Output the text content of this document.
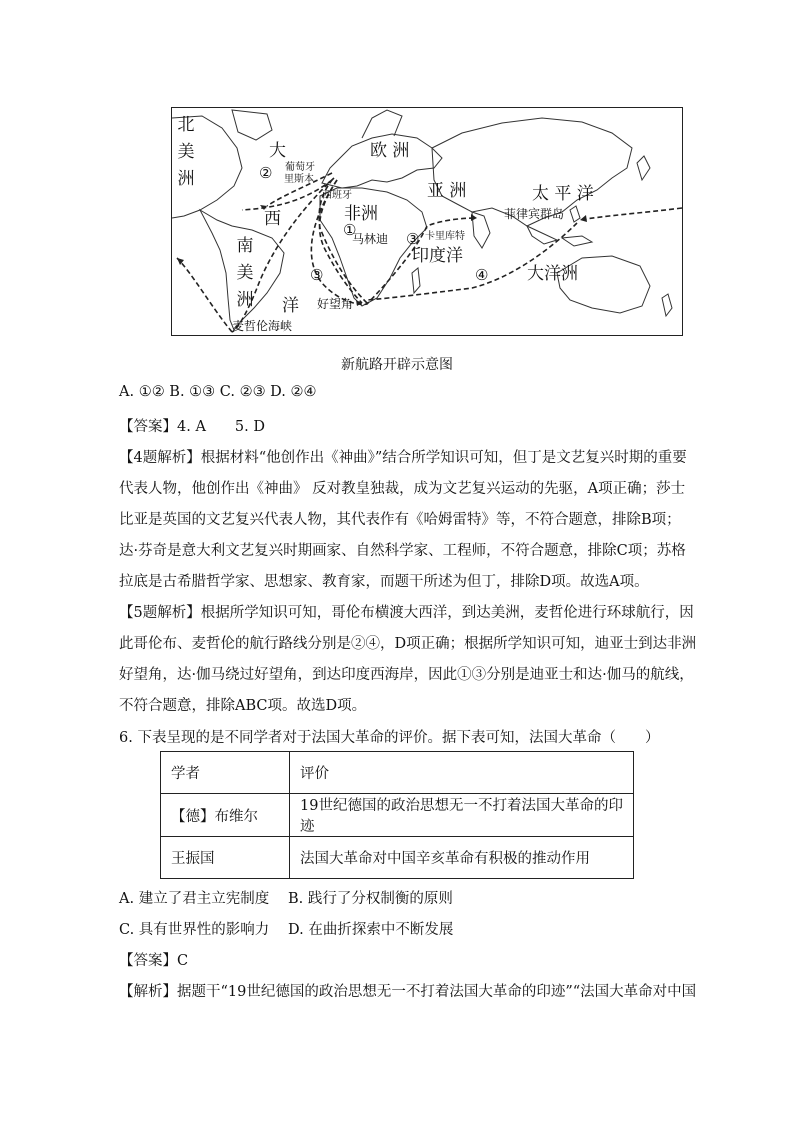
北美洲
南美洲
大
西
洋
欧 洲
亚 洲
非洲
太 平 洋
印度洋
大洋洲
葡萄牙
里斯本
西班牙
马林迪	卡里库特
菲律宾群岛
好望角
麦哲伦海峡
①
②
③
③
④
新航路开辟示意图
A. ①② B. ①③ C. ②③ D. ②④
【答案】4. A　　5. D
【4题解析】根据材料“他创作出《神曲》”结合所学知识可知，但丁是文艺复兴时期的重要
代表人物，他创作出《神曲》 反对教皇独裁，成为文艺复兴运动的先驱，A项正确；莎士
比亚是英国的文艺复兴代表人物，其代表作有《哈姆雷特》等，不符合题意，排除B项；
达·芬奇是意大利文艺复兴时期画家、自然科学家、工程师，不符合题意，排除C项；苏格
拉底是古希腊哲学家、思想家、教育家，而题干所述为但丁，排除D项。故选A项。
【5题解析】根据所学知识可知，哥伦布横渡大西洋，到达美洲，麦哲伦进行环球航行，因
此哥伦布、麦哲伦的航行路线分别是②④，D项正确；根据所学知识可知，迪亚士到达非洲
好望角，达·伽马绕过好望角，到达印度西海岸，因此①③分别是迪亚士和达·伽马的航线，
不符合题意，排除ABC项。故选D项。
6. 下表呈现的是不同学者对于法国大革命的评价。据下表可知，法国大革命（　　）
学者	评价
【德】布维尔	19世纪德国的政治思想无一不打着法国大革命的印迹
王振国	法国大革命对中国辛亥革命有积极的推动作用
A. 建立了君主立宪制度 B. 践行了分权制衡的原则
C. 具有世界性的影响力 D. 在曲折探索中不断发展
【答案】C
【解析】据题干“19世纪德国的政治思想无一不打着法国大革命的印迹”“法国大革命对中国
